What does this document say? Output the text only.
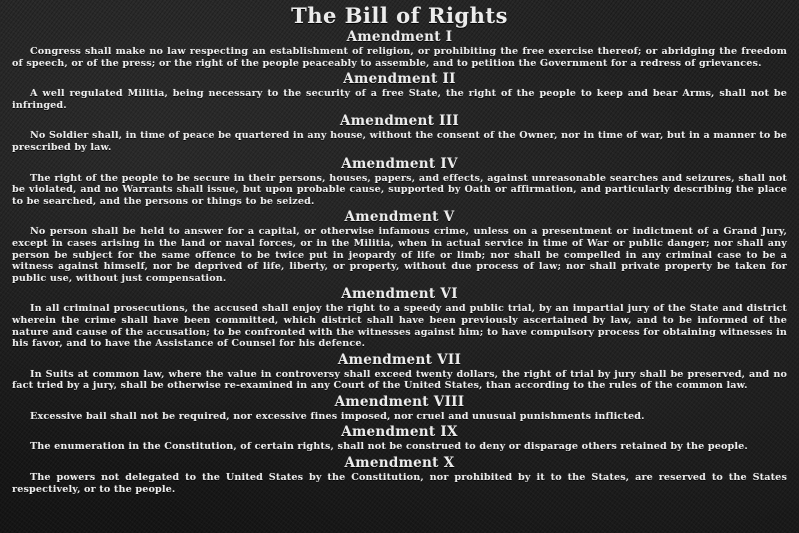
The Bill of Rights
Amendment I

Congress shall make no law respecting an establishment of religion, or prohibiting the free exercise thereof; or abridging the freedom of speech, or of the press; or the right of the people peaceably to assemble, and to petition the Government for a redress of grievances.

Amendment II

A well regulated Militia, being necessary to the security of a free State, the right of the people to keep and bear Arms, shall not be infringed.

Amendment III

No Soldier shall, in time of peace be quartered in any house, without the consent of the Owner, nor in time of war, but in a manner to be prescribed by law.

Amendment IV

The right of the people to be secure in their persons, houses, papers, and effects, against unreasonable searches and seizures, shall not be violated, and no Warrants shall issue, but upon probable cause, supported by Oath or affirmation, and particularly describing the place to be searched, and the persons or things to be seized.

Amendment V

No person shall be held to answer for a capital, or otherwise infamous crime, unless on a presentment or indictment of a Grand Jury, except in cases arising in the land or naval forces, or in the Militia, when in actual service in time of War or public danger; nor shall any person be subject for the same offence to be twice put in jeopardy of life or limb; nor shall be compelled in any criminal case to be a witness against himself, nor be deprived of life, liberty, or property, without due process of law; nor shall private property be taken for public use, without just compensation.

Amendment VI

In all criminal prosecutions, the accused shall enjoy the right to a speedy and public trial, by an impartial jury of the State and district wherein the crime shall have been committed, which district shall have been previously ascertained by law, and to be informed of the nature and cause of the accusation; to be confronted with the witnesses against him; to have compulsory process for obtaining witnesses in his favor, and to have the Assistance of Counsel for his defence.

Amendment VII

In Suits at common law, where the value in controversy shall exceed twenty dollars, the right of trial by jury shall be preserved, and no fact tried by a jury, shall be otherwise re-examined in any Court of the United States, than according to the rules of the common law.

Amendment VIII

Excessive bail shall not be required, nor excessive fines imposed, nor cruel and unusual punishments inflicted.

Amendment IX

The enumeration in the Constitution, of certain rights, shall not be construed to deny or disparage others retained by the people.

Amendment X

The powers not delegated to the United States by the Constitution, nor prohibited by it to the States, are reserved to the States respectively, or to the people.
